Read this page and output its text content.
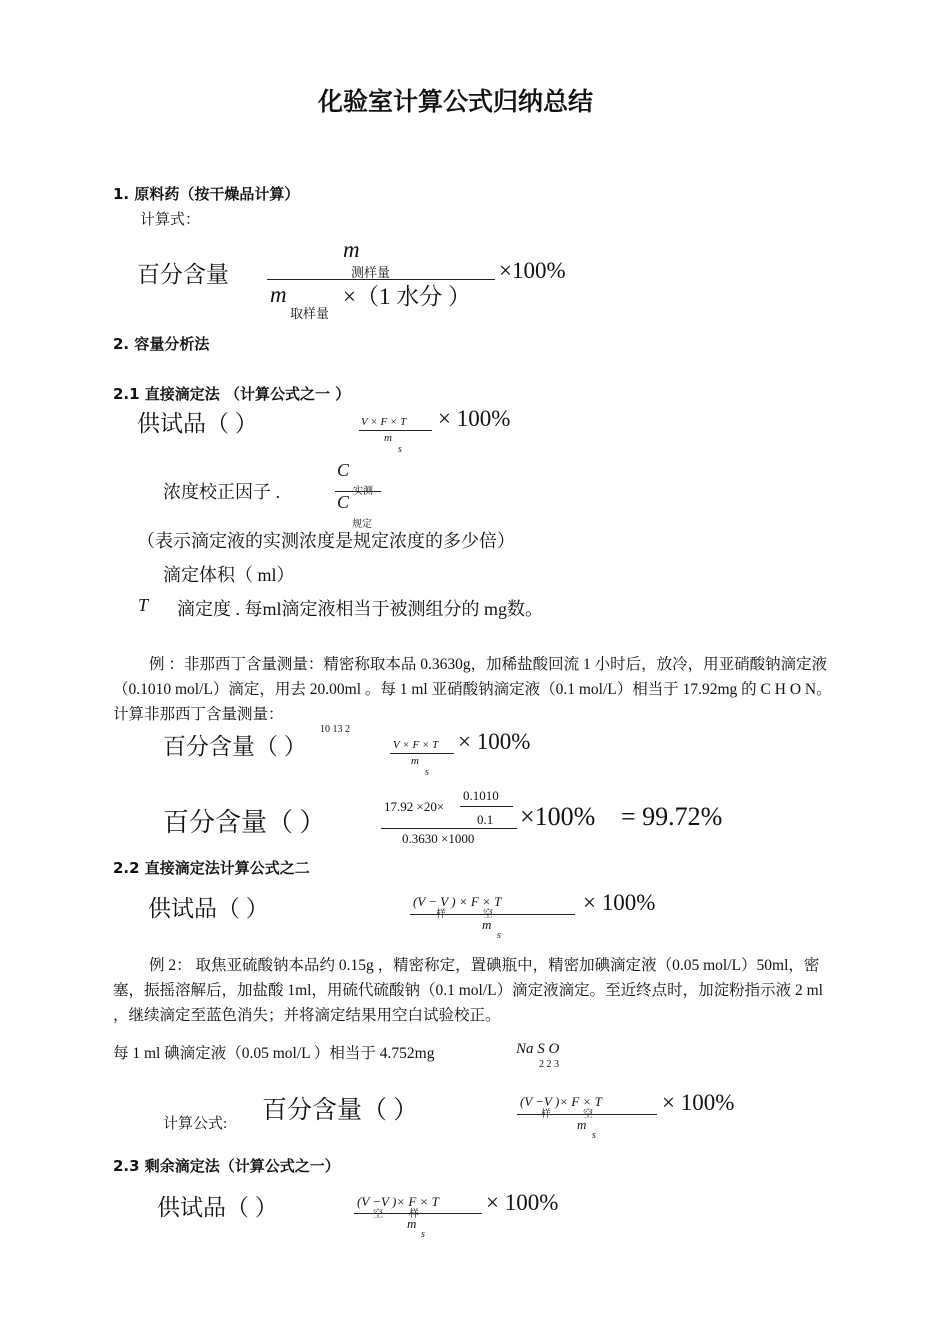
化验室计算公式归纳总结
1. 原料药（按干燥品计算）
计算式：
百分含量
m
测样量
m ×（1 水分 ）
取样量
×100%
2. 容量分析法
2.1 直接滴定法 （计算公式之一 ）
供试品（ ）	V × F × T
m
s
× 100%
浓度校正因子 .
C
实测
C
规定
（表示滴定液的实测浓度是规定浓度的多少倍）
滴定体积（ ml）
T 滴定度 . 每ml滴定液相当于被测组分的 mg数。
例 ：非那西丁含量测量：精密称取本品 0.3630g，加稀盐酸回流 1 小时后，放冷，用亚硝酸钠滴定液（0.1010 mol/L）滴定，用去 20.00ml 。每 1 ml 亚硝酸钠滴定液（0.1 mol/L）相当于 17.92mg 的 C H O N。计算非那西丁含量测量：
10 13 2
百分含量（ ）	V × F × T
m
s
× 100%
百分含量（ ）
17.92 ×20×
0.1010
0.1
0.3630 ×1000
×100% = 99.72%
2.2 直接滴定法计算公式之二
供试品（ ）	(V − V ) × F × T
样	空
m
s
× 100%
例 2： 取焦亚硫酸钠本品约 0.15g ，精密称定，置碘瓶中，精密加碘滴定液（0.05 mol/L）50ml，密塞，振摇溶解后，加盐酸 1ml，用硫代硫酸钠（0.1 mol/L）滴定液滴定。至近终点时，加淀粉指示液 2 ml ，继续滴定至蓝色消失；并将滴定结果用空白试验校正。
每 1 ml 碘滴定液（0.05 mol/L ）相当于 4.752mg	Na S O
2 2 3
计算公式: 百分含量（ ）	(V −V )× F × T
样	空
m
s
× 100%
2.3 剩余滴定法（计算公式之一）
供试品（ ）	(V −V )× F × T
空	样
m
s
× 100%
